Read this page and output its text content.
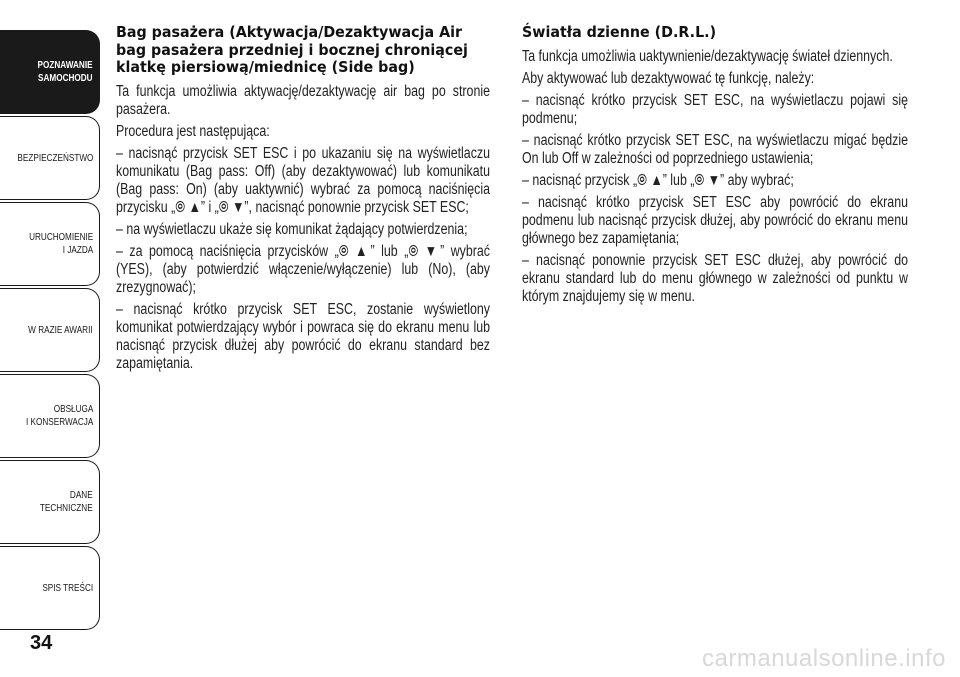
POZNAWANIE
SAMOCHODU
BEZPIECZEŃSTWO
URUCHOMIENIE
I JAZDA
W RAZIE AWARII
OBSŁUGA
I KONSERWACJA
DANE
TECHNICZNE
SPIS TREŚCI
34
Bag pasażera (Aktywacja/Dezaktywacja Air bag pasażera przedniej i bocznej chroniącej klatkę piersiową/miednicę (Side bag)

Ta funkcja umożliwia aktywację/dezaktywację air bag po stronie pasażera.

Procedura jest następująca:

– nacisnąć przycisk SET ESC i po ukazaniu się na wyświetlaczu komunikatu (Bag pass: Off) (aby dezaktywować) lub komunikatu (Bag pass: On) (aby uaktywnić) wybrać za pomocą naciśnięcia przycisku „⦾ ▲” i „⦾ ▼”, nacisnąć ponownie przycisk SET ESC;

– na wyświetlaczu ukaże się komunikat żądający potwierdzenia;

– za pomocą naciśnięcia przycisków „⦾ ▲” lub „⦾ ▼” wybrać (YES), (aby potwierdzić włączenie/wyłączenie) lub (No), (aby zrezygnować);

– nacisnąć krótko przycisk SET ESC, zostanie wyświetlony komunikat potwierdzający wybór i powraca się do ekranu menu lub nacisnąć przycisk dłużej aby powrócić do ekranu standard bez zapamiętania.

Światła dzienne (D.R.L.)

Ta funkcja umożliwia uaktywnienie/dezaktywację świateł dziennych.

Aby aktywować lub dezaktywować tę funkcję, należy:

– nacisnąć krótko przycisk SET ESC, na wyświetlaczu pojawi się podmenu;

– nacisnąć krótko przycisk SET ESC, na wyświetlaczu migać będzie On lub Off w zależności od poprzedniego ustawienia;

– nacisnąć przycisk „⦾ ▲” lub „⦾ ▼” aby wybrać;

– nacisnąć krótko przycisk SET ESC aby powrócić do ekranu podmenu lub nacisnąć przycisk dłużej, aby powrócić do ekranu menu głównego bez zapamiętania;

– nacisnąć ponownie przycisk SET ESC dłużej, aby powrócić do ekranu standard lub do menu głównego w zależności od punktu w którym znajdujemy się w menu.

carmanualsonline.info
